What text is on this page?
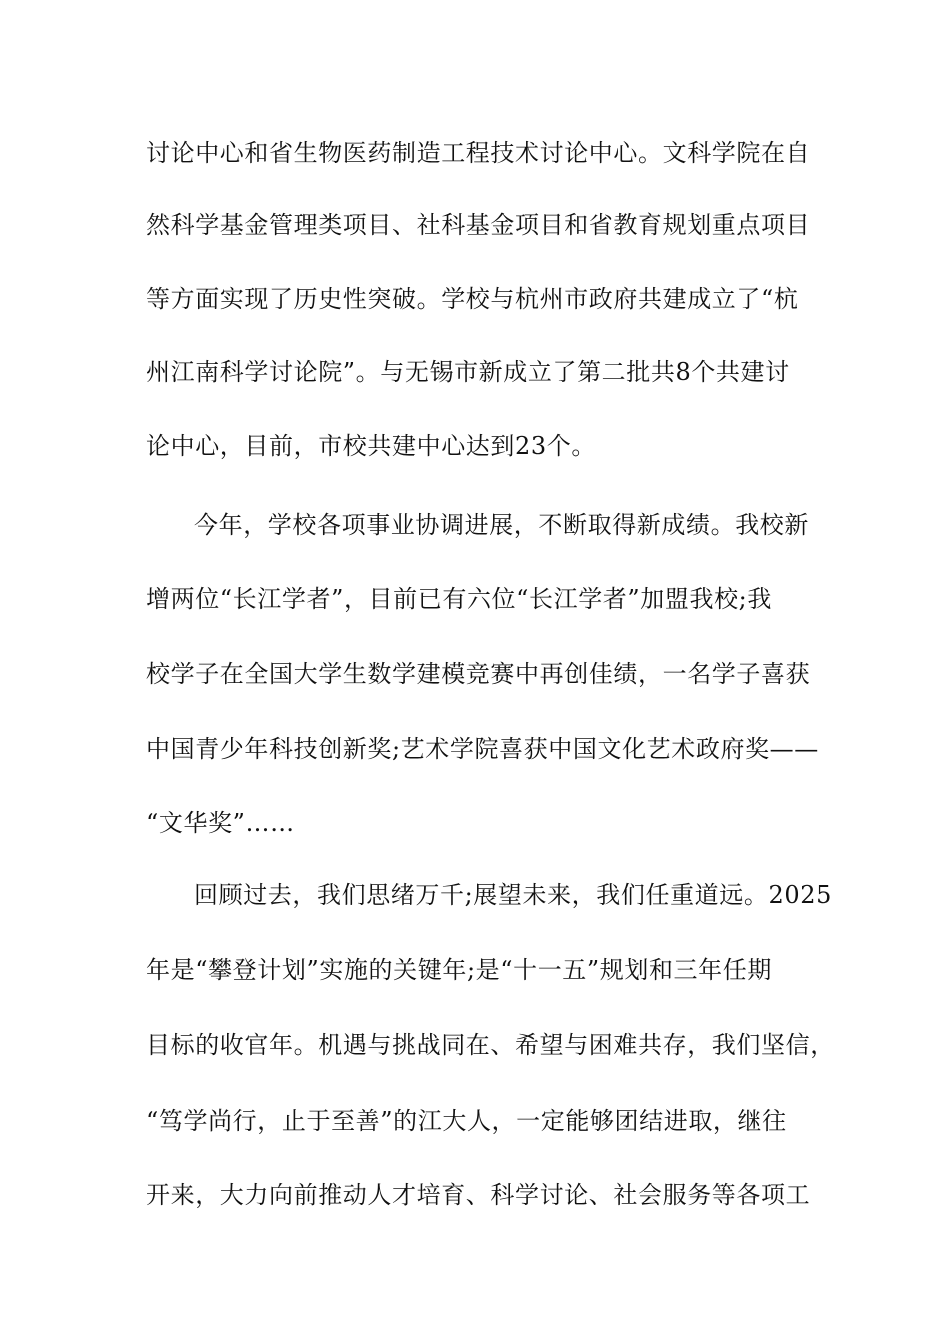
讨论中心和省生物医药制造工程技术讨论中心。文科学院在自
然科学基金管理类项目、社科基金项目和省教育规划重点项目
等方面实现了历史性突破。学校与杭州市政府共建成立了“杭
州江南科学讨论院”。与无锡市新成立了第二批共8个共建讨
论中心，目前，市校共建中心达到23个。
今年，学校各项事业协调进展，不断取得新成绩。我校新
增两位“长江学者”，目前已有六位“长江学者”加盟我校;我
校学子在全国大学生数学建模竞赛中再创佳绩，一名学子喜获
中国青少年科技创新奖;艺术学院喜获中国文化艺术政府奖——
“文华奖”……
回顾过去，我们思绪万千;展望未来，我们任重道远。2025
年是“攀登计划”实施的关键年;是“十一五”规划和三年任期
目标的收官年。机遇与挑战同在、希望与困难共存，我们坚信，
“笃学尚行，止于至善”的江大人，一定能够团结进取，继往
开来，大力向前推动人才培育、科学讨论、社会服务等各项工
